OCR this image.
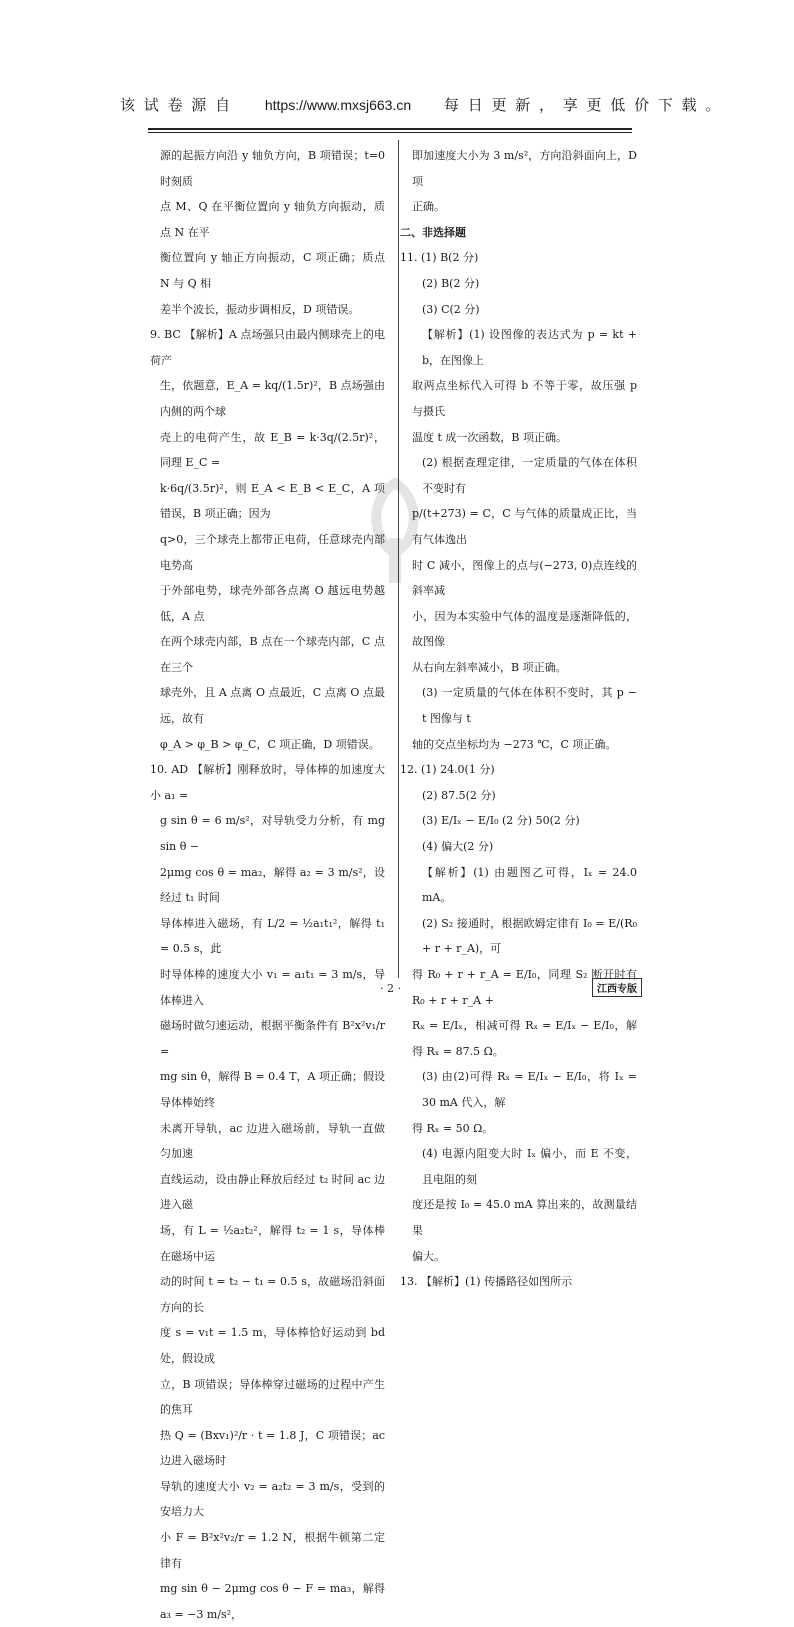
该 试 卷 源 自 https://www.mxsj663.cn 每 日 更 新 ， 享 更 低 价 下 载 。

源的起振方向沿 y 轴负方向，B 项错误；t=0 时刻质

点 M、Q 在平衡位置向 y 轴负方向振动，质点 N 在平

衡位置向 y 轴正方向振动，C 项正确；质点 N 与 Q 相

差半个波长，振动步调相反，D 项错误。

9. BC 【解析】A 点场强只由最内侧球壳上的电荷产

生，依题意，E_A = kq/(1.5r)²，B 点场强由内侧的两个球

壳上的电荷产生，故 E_B = k·3q/(2.5r)²，同理 E_C =

k·6q/(3.5r)²，则 E_A < E_B < E_C，A 项错误，B 项正确；因为

q>0，三个球壳上都带正电荷，任意球壳内部电势高

于外部电势，球壳外部各点离 O 越远电势越低，A 点

在两个球壳内部，B 点在一个球壳内部，C 点在三个

球壳外，且 A 点离 O 点最近，C 点离 O 点最远，故有

φ_A > φ_B > φ_C，C 项正确，D 项错误。

10. AD 【解析】刚释放时，导体棒的加速度大小 a₁ =

g sin θ = 6 m/s²，对导轨受力分析，有 mg sin θ −

2μmg cos θ = ma₂，解得 a₂ = 3 m/s²，设经过 t₁ 时间

导体棒进入磁场，有 L/2 = ½a₁t₁²，解得 t₁ = 0.5 s，此

时导体棒的速度大小 v₁ = a₁t₁ = 3 m/s，导体棒进入

磁场时做匀速运动，根据平衡条件有 B²x²v₁/r =

mg sin θ，解得 B = 0.4 T，A 项正确；假设导体棒始终

未离开导轨，ac 边进入磁场前，导轨一直做匀加速

直线运动，设由静止释放后经过 t₂ 时间 ac 边进入磁

场，有 L = ½a₂t₂²，解得 t₂ = 1 s，导体棒在磁场中运

动的时间 t = t₂ − t₁ = 0.5 s，故磁场沿斜面方向的长

度 s = v₁t = 1.5 m，导体棒恰好运动到 bd 处，假设成

立，B 项错误；导体棒穿过磁场的过程中产生的焦耳

热 Q = (Bxv₁)²/r · t = 1.8 J，C 项错误；ac 边进入磁场时

导轨的速度大小 v₂ = a₂t₂ = 3 m/s，受到的安培力大

小 F = B²x²v₂/r = 1.2 N，根据牛顿第二定律有

mg sin θ − 2μmg cos θ − F = ma₃，解得 a₃ = −3 m/s²，

即加速度大小为 3 m/s²，方向沿斜面向上，D 项

正确。

二、非选择题

11. (1) B(2 分)

(2) B(2 分)

(3) C(2 分)

【解析】(1) 设图像的表达式为 p = kt + b，在图像上

取两点坐标代入可得 b 不等于零，故压强 p 与摄氏

温度 t 成一次函数，B 项正确。

(2) 根据查理定律，一定质量的气体在体积不变时有

p/(t+273) = C，C 与气体的质量成正比，当有气体逸出

时 C 减小，图像上的点与(−273, 0)点连线的斜率减

小，因为本实验中气体的温度是逐渐降低的，故图像

从右向左斜率减小，B 项正确。

(3) 一定质量的气体在体积不变时，其 p − t 图像与 t

轴的交点坐标均为 −273 ℃，C 项正确。

12. (1) 24.0(1 分)

(2) 87.5(2 分)

(3) E/Iₓ − E/I₀ (2 分) 50(2 分)

(4) 偏大(2 分)

【解析】(1) 由题图乙可得，Iₓ = 24.0 mA。

(2) S₂ 接通时，根据欧姆定律有 I₀ = E/(R₀ + r + r_A)，可

得 R₀ + r + r_A = E/I₀，同理 S₂ 断开时有 R₀ + r + r_A +

Rₓ = E/Iₓ，相减可得 Rₓ = E/Iₓ − E/I₀，解得 Rₓ = 87.5 Ω。

(3) 由(2)可得 Rₓ = E/Iₓ − E/I₀，将 Iₓ = 30 mA 代入，解

得 Rₓ = 50 Ω。

(4) 电源内阻变大时 Iₓ 偏小，而 E 不变，且电阻的刻

度还是按 I₀ = 45.0 mA 算出来的，故测量结果

偏大。

13. 【解析】(1) 传播路径如图所示

· 2 ·	江西专版
